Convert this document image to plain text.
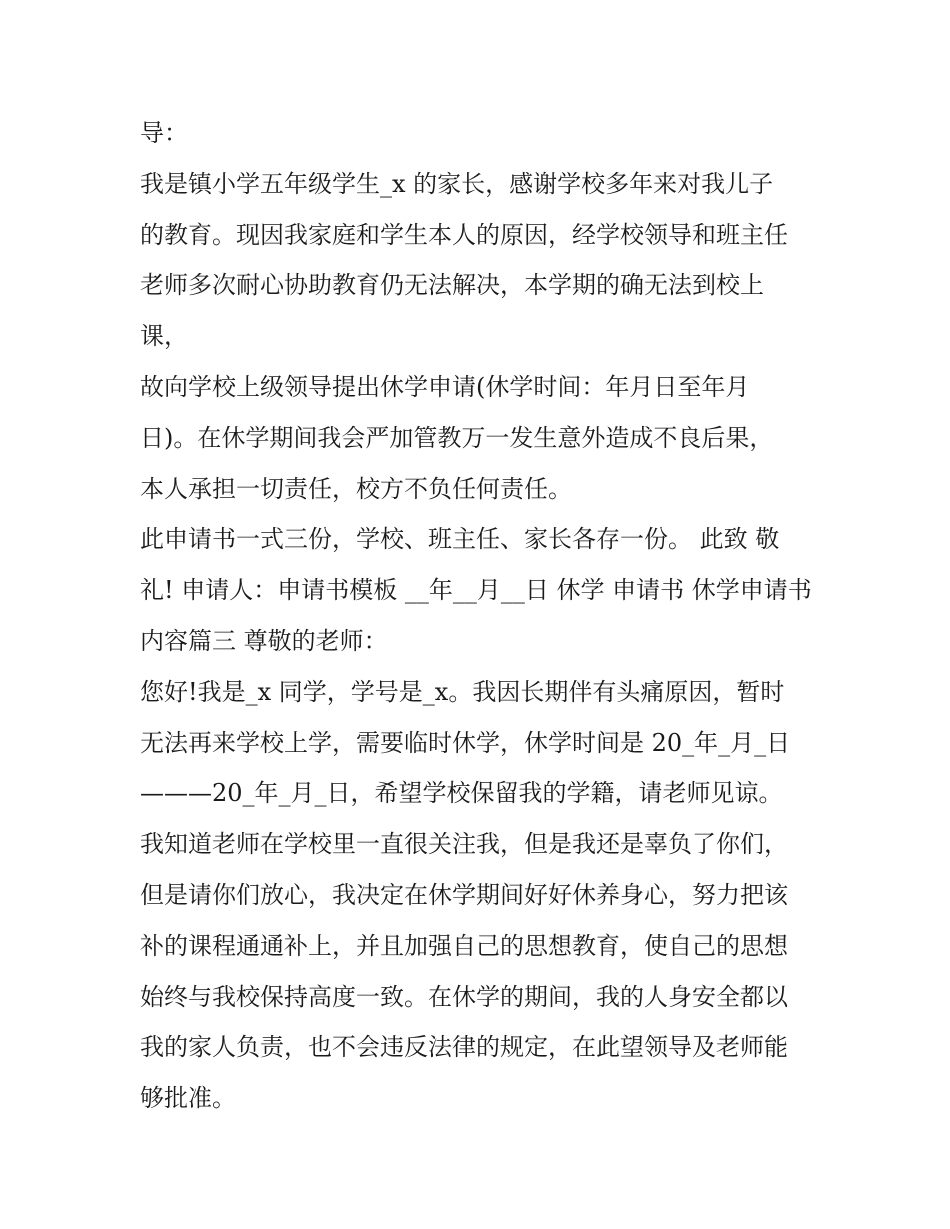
导：
我是镇小学五年级学生_x 的家长，感谢学校多年来对我儿子
的教育。现因我家庭和学生本人的原因，经学校领导和班主任
老师多次耐心协助教育仍无法解决，本学期的确无法到校上
课，
故向学校上级领导提出休学申请(休学时间：年月日至年月
日)。在休学期间我会严加管教万一发生意外造成不良后果，
本人承担一切责任，校方不负任何责任。
此申请书一式三份，学校、班主任、家长各存一份。 此致 敬
礼! 申请人：申请书模板 __年__月__日 休学 申请书 休学申请书
内容篇三 尊敬的老师：
您好!我是_x 同学，学号是_x。我因长期伴有头痛原因，暂时
无法再来学校上学，需要临时休学，休学时间是 20_年_月_日
———20_年_月_日，希望学校保留我的学籍，请老师见谅。
我知道老师在学校里一直很关注我，但是我还是辜负了你们，
但是请你们放心，我决定在休学期间好好休养身心，努力把该
补的课程通通补上，并且加强自己的思想教育，使自己的思想
始终与我校保持高度一致。在休学的期间，我的人身安全都以
我的家人负责，也不会违反法律的规定，在此望领导及老师能
够批准。
